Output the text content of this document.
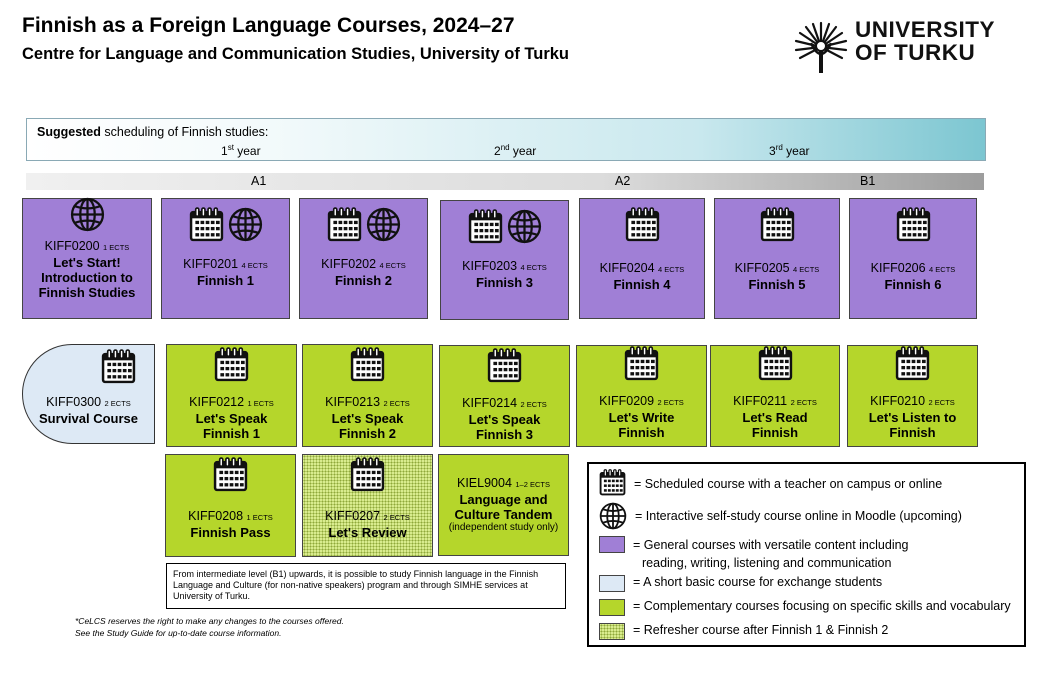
Finnish as a Foreign Language Courses, 2024–27
Centre for Language and Communication Studies, University of Turku
UNIVERSITY
OF TURKU
Suggested scheduling of Finnish studies:
1st year	2nd year	3rd year
A1	A2	B1
KIFF0200 1 ECTS
Let's Start!
Introduction to
Finnish Studies
KIFF0201 4 ECTS
Finnish 1
KIFF0202 4 ECTS
Finnish 2
KIFF0203 4 ECTS
Finnish 3
KIFF0204 4 ECTS
Finnish 4
KIFF0205 4 ECTS
Finnish 5
KIFF0206 4 ECTS
Finnish 6
KIFF0300 2 ECTS
Survival Course
KIFF0212 1 ECTS
Let's Speak
Finnish 1
KIFF0213 2 ECTS
Let's Speak
Finnish 2
KIFF0214 2 ECTS
Let's Speak
Finnish 3
KIFF0209 2 ECTS
Let's Write
Finnish
KIFF0211 2 ECTS
Let's Read
Finnish
KIFF0210 2 ECTS
Let's Listen to
Finnish
KIFF0208 1 ECTS
Finnish Pass
KIFF0207 2 ECTS
Let's Review
KIEL9004 1–2 ECTS
Language and
Culture Tandem
(independent study only)
From intermediate level (B1) upwards, it is possible to study Finnish language in the Finnish Language and Culture (for non-native speakers) program and through SIMHE services at University of Turku.
*CeLCS reserves the right to make any changes to the courses offered.
See the Study Guide for up-to-date course information.
= Scheduled course with a teacher on campus or online
= Interactive self-study course online in Moodle (upcoming)
= General courses with versatile content including
reading, writing, listening and communication
= A short basic course for exchange students
= Complementary courses focusing on specific skills and vocabulary
= Refresher course after Finnish 1 & Finnish 2
